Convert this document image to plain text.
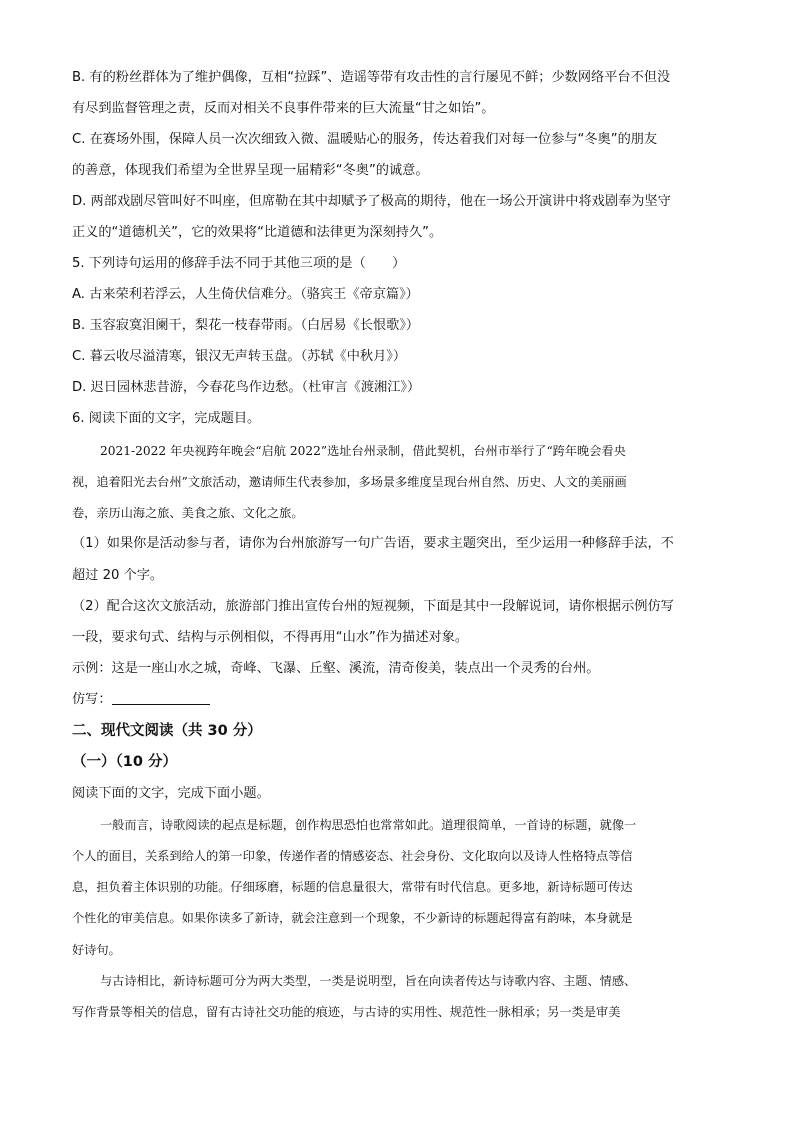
B. 有的粉丝群体为了维护偶像，互相“拉踩”、造谣等带有攻击性的言行屡见不鲜；少数网络平台不但没
有尽到监督管理之责，反而对相关不良事件带来的巨大流量“甘之如饴”。
C. 在赛场外围，保障人员一次次细致入微、温暖贴心的服务，传达着我们对每一位参与“冬奥”的朋友
的善意，体现我们希望为全世界呈现一届精彩“冬奥”的诚意。
D. 两部戏剧尽管叫好不叫座，但席勒在其中却赋予了极高的期待，他在一场公开演讲中将戏剧奉为坚守
正义的“道德机关”，它的效果将“比道德和法律更为深刻持久”。
5. 下列诗句运用的修辞手法不同于其他三项的是（　　）
A. 古来荣利若浮云，人生倚伏信难分。（骆宾王《帝京篇》）
B. 玉容寂寞泪阑干，梨花一枝春带雨。（白居易《长恨歌》）
C. 暮云收尽溢清寒，银汉无声转玉盘。（苏轼《中秋月》）
D. 迟日园林悲昔游，今春花鸟作边愁。（杜审言《渡湘江》）
6. 阅读下面的文字，完成题目。
2021-2022 年央视跨年晚会“启航 2022”选址台州录制，借此契机，台州市举行了“跨年晚会看央
视，追着阳光去台州”文旅活动，邀请师生代表参加，多场景多维度呈现台州自然、历史、人文的美丽画
卷，亲历山海之旅、美食之旅、文化之旅。
（1）如果你是活动参与者，请你为台州旅游写一句广告语，要求主题突出，至少运用一种修辞手法，不
超过 20 个字。
（2）配合这次文旅活动，旅游部门推出宣传台州的短视频，下面是其中一段解说词，请你根据示例仿写
一段，要求句式、结构与示例相似，不得再用“山水”作为描述对象。
示例：这是一座山水之城，奇峰、飞瀑、丘壑、溪流，清奇俊美，装点出一个灵秀的台州。
仿写：
二、现代文阅读（共 30 分）
（一）（10 分）
阅读下面的文字，完成下面小题。
一般而言，诗歌阅读的起点是标题，创作构思恐怕也常常如此。道理很简单，一首诗的标题，就像一
个人的面目，关系到给人的第一印象，传递作者的情感姿态、社会身份、文化取向以及诗人性格特点等信
息，担负着主体识别的功能。仔细琢磨，标题的信息量很大，常带有时代信息。更多地，新诗标题可传达
个性化的审美信息。如果你读多了新诗，就会注意到一个现象，不少新诗的标题起得富有韵味，本身就是
好诗句。
与古诗相比，新诗标题可分为两大类型，一类是说明型，旨在向读者传达与诗歌内容、主题、情感、
写作背景等相关的信息，留有古诗社交功能的痕迹，与古诗的实用性、规范性一脉相承；另一类是审美
